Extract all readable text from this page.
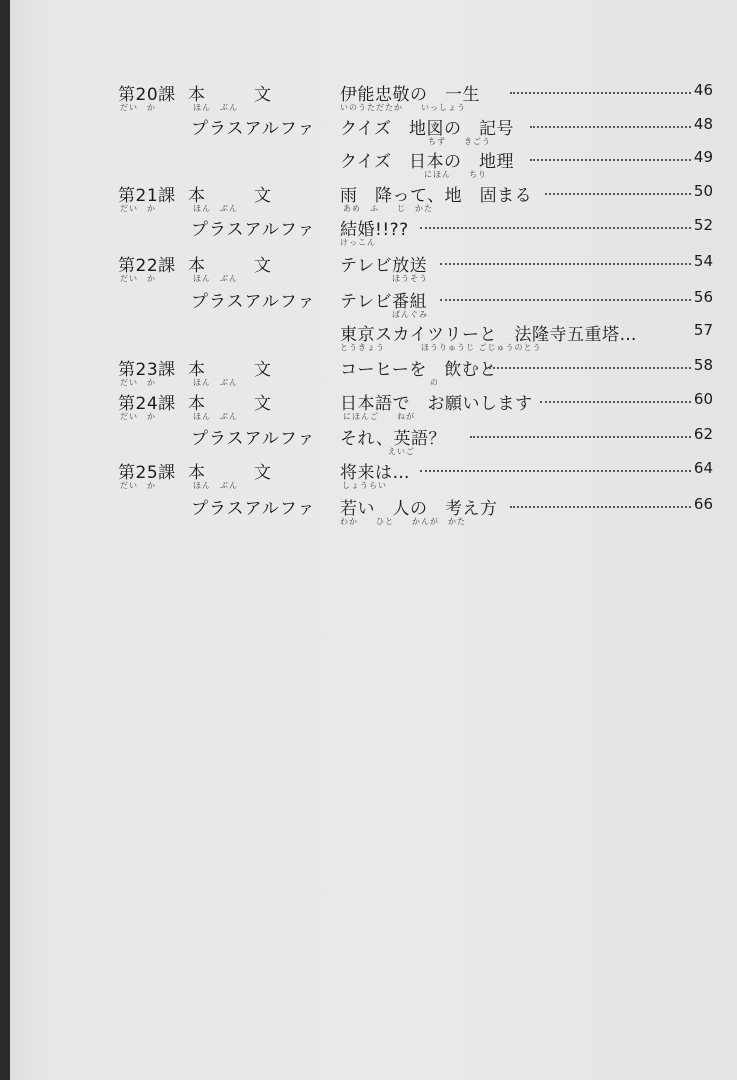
第20課
だい　か
本　文
ほん　ぶん
伊能忠敬の　一生
いのうただたか　　いっしょう
46
プラスアルファ クイズ　地図の　記号
ちず　　きごう
48
クイズ　日本の　地理
にほん　　ちり
49
第21課
だい　か
本　文
ほん　ぶん
雨　降って、地　固まる
あめ　ふ　　じ　かた
50
プラスアルファ 結婚!!??
けっこん
52
第22課
だい　か
本　文
ほん　ぶん
テレビ放送
ほうそう
54
プラスアルファ テレビ番組
ばんぐみ
56
東京スカイツリーと　法隆寺五重塔…
とうきょう　　　　ほうりゅうじ ごじゅうのとう
57
第23課
だい　か
本　文
ほん　ぶん
コーヒーを　飲むと
の
58
第24課
だい　か
本　文
ほん　ぶん
日本語で　お願いします
にほんご　　ねが
60
プラスアルファ それ、英語？
えいご
62
第25課
だい　か
本　文
ほん　ぶん
将来は…
しょうらい
64
プラスアルファ 若い　人の　考え方
わか　　ひと　　かんが　かた
66
